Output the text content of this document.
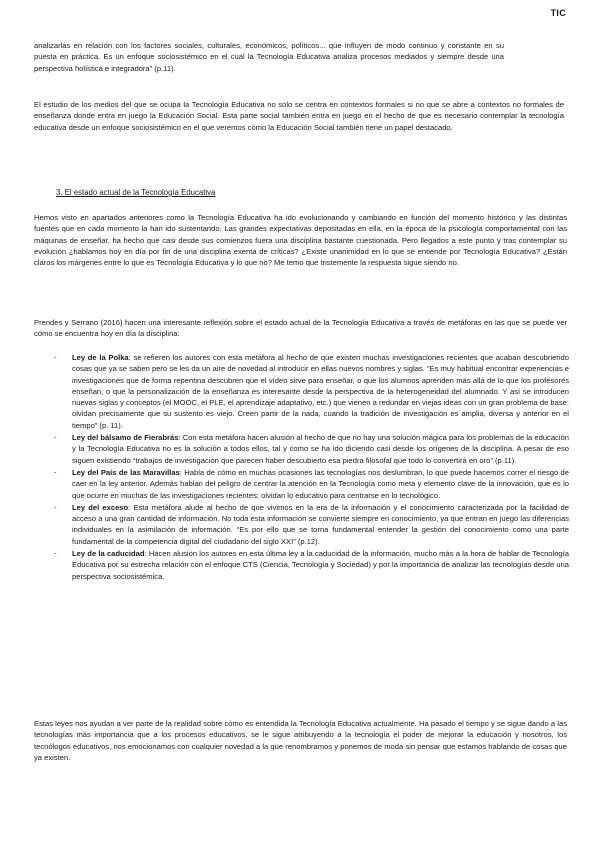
TIC

analizarlas en relación con los factores sociales, culturales, económicos, políticos... que influyen de modo continuo y constante en su puesta en práctica. Es un enfoque sociosistémico en el cual la Tecnología Educativa analiza procesos mediados y siempre desde una perspectiva holística e integradora” (p.11).

El estudio de los medios del que se ocupa la Tecnología Educativa no solo se centra en contextos formales si no que se abre a contextos no formales de enseñanza donde entra en juego la Educación Social. Esta parte social también entra en juego en el hecho de que es necesario contemplar la tecnología educativa desde un enfoque sociosistémico en el que veremos cómo la Educación Social también tiene un papel destacado.

3. El estado actual de la Tecnología Educativa

Hemos visto en apartados anteriores como la Tecnología Educativa ha ido evolucionando y cambiando en función del momento histórico y las distintas fuentes que en cada momento la han ido sustentando. Las grandes expectativas depositadas en ella, en la época de la psicología comportamental con las máquinas de enseñar, ha hecho que casi desde sus comienzos fuera una disciplina bastante cuestionada. Pero llegados a este punto y tras contemplar su evolución ¿hablamos hoy en día por fin de una disciplina exenta de críticas? ¿Existe unanimidad en lo que se entiende por Tecnología Educativa? ¿Están claros los márgenes entre lo que es Tecnología Educativa y lo que no? Me temo que tristemente la respuesta sigue siendo no.

Prendes y Serrano (2016) hacen una interesante reflexión sobre el estado actual de la Tecnología Educativa a través de metáforas en las que se puede ver cómo se encuentra hoy en día la disciplina:

- Ley de la Polka: se refieren los autores con esta metáfora al hecho de que existen muchas investigaciones recientes que acaban descubriendo cosas que ya se saben pero se les da un aire de novedad al introducir en ellas nuevos nombres y siglas. “Es muy habitual encontrar experiencias e investigaciones que de forma repentina descubren que el vídeo sirve para enseñar, o que los alumnos aprenden más allá de lo que los profesores enseñan, o que la personalización de la enseñanza es interesante desde la perspectiva de la heterogeneidad del alumnado. Y así se introducen nuevas siglas y conceptos (el MOOC, el PLE, el aprendizaje adaptativo, etc.) que vienen a redundar en viejas ideas con un gran problema de base: olvidan precisamente que su sustento es viejo. Creen partir de la nada, cuando la tradición de investigación es amplia, diversa y anterior en el tiempo” (p. 11).
- Ley del bálsamo de Fierabrás: Con esta metáfora hacen alusión al hecho de que no hay una solución mágica para los problemas de la educación y la Tecnología Educativa no es la solución a todos ellos, tal y como se ha ido diciendo casi desde los orígenes de la disciplina. A pesar de eso siguen existiendo “trabajos de investigación que parecen haber descubierto esa piedra filosofal que todo lo convertirá en oro” (p.11).
- Ley del País de las Maravillas: Habla de cómo en muchas ocasiones las tecnologías nos deslumbran, lo que puede hacemos correr el riesgo de caer en la ley anterior. Además hablan del peligro de centrar la atención en la Tecnología como meta y elemento clave de la innovación, que es lo que ocurre en muchas de las investigaciones recientes; olvidan lo educativo para centrarse en lo tecnológico.
- Ley del exceso: Esta metáfora alude al hecho de que vivimos en la era de la información y el conocimiento caracterizada por la facilidad de acceso a una gran cantidad de información. No toda esta información se convierte siempre en conocimiento, ya que entran en juego las diferencias individuales en la asimilación de información. “Es por ello que se torna fundamental entender la gestión del conocimiento como una parte fundamental de la competencia digital del ciudadano del siglo XXI” (p.12).
- Ley de la caducidad: Hacen alusión los autores en esta última ley a la caducidad de la información, mucho más a la hora de hablar de Tecnología Educativa por su estrecha relación con el enfoque CTS (Ciencia, Tecnología y Sociedad) y por la importancia de analizar las tecnologías desde una perspectiva sociosistémica.

Estas leyes nos ayudan a ver parte de la realidad sobre cómo es entendida la Tecnología Educativa actualmente. Ha pasado el tiempo y se sigue dando a las tecnologías más importancia que a los procesos educativos, se le sigue atribuyendo a la tecnología el poder de mejorar la educación y nosotros, los tecnólogos educativos, nos emocionamos con cualquier novedad a la que renombramos y ponemos de moda sin pensar que estamos hablando de cosas que ya existen.
